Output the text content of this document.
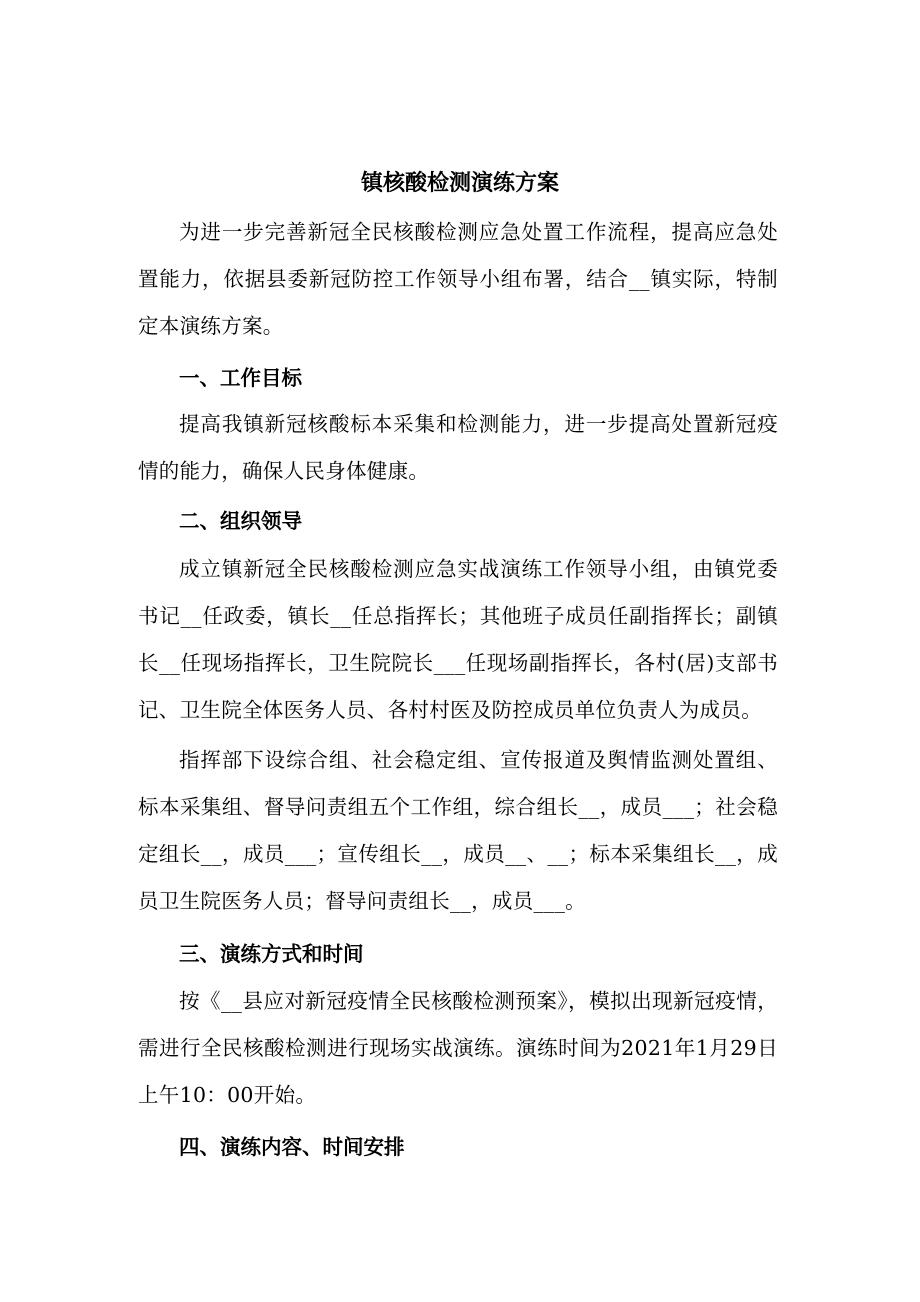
镇核酸检测演练方案

为进一步完善新冠全民核酸检测应急处置工作流程，提高应急处置能力，依据县委新冠防控工作领导小组布署，结合__镇实际，特制定本演练方案。

一、工作目标

提高我镇新冠核酸标本采集和检测能力，进一步提高处置新冠疫情的能力，确保人民身体健康。

二、组织领导

成立镇新冠全民核酸检测应急实战演练工作领导小组，由镇党委书记__任政委，镇长__任总指挥长；其他班子成员任副指挥长；副镇长__任现场指挥长，卫生院院长___任现场副指挥长，各村(居)支部书记、卫生院全体医务人员、各村村医及防控成员单位负责人为成员。

指挥部下设综合组、社会稳定组、宣传报道及舆情监测处置组、标本采集组、督导问责组五个工作组，综合组长__，成员___；社会稳定组长__，成员___；宣传组长__，成员__、__；标本采集组长__，成员卫生院医务人员；督导问责组长__，成员___。

三、演练方式和时间

按《__县应对新冠疫情全民核酸检测预案》，模拟出现新冠疫情，需进行全民核酸检测进行现场实战演练。演练时间为2021年1月29日上午10：00开始。

四、演练内容、时间安排
